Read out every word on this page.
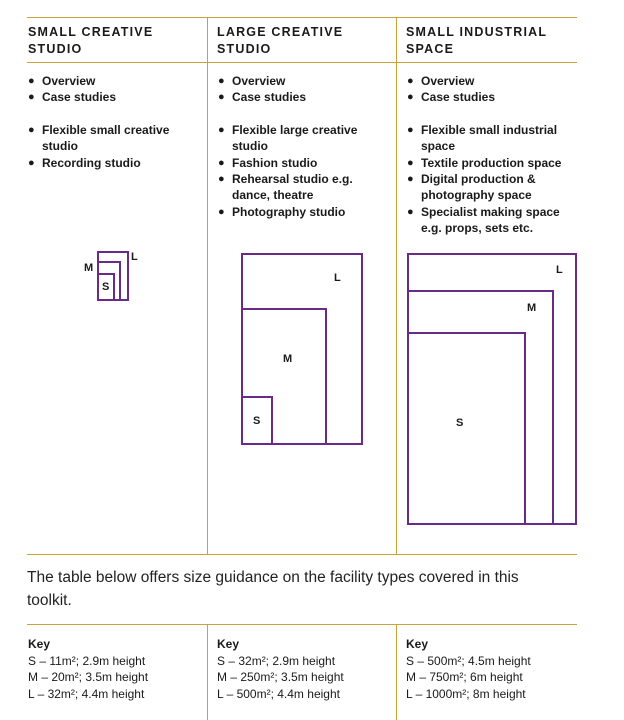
SMALL CREATIVE
STUDIO
● Overview
● Case studies
● Flexible small creative studio
● Recording studio
LARGE CREATIVE
STUDIO
● Overview
● Case studies
● Flexible large creative studio
● Fashion studio
● Rehearsal studio e.g. dance, theatre
● Photography studio
SMALL INDUSTRIAL
SPACE
● Overview
● Case studies
● Flexible small industrial space
● Textile production space
● Digital production & photography space
● Specialist making space e.g. props, sets etc.
L
M
S
L
M
S
L
M
S
The table below offers size guidance on the facility types covered in this toolkit.
Key
S – 11m²; 2.9m height
M – 20m²; 3.5m height
L – 32m²; 4.4m height
Key
S – 32m²; 2.9m height
M – 250m²; 3.5m height
L – 500m²; 4.4m height
Key
S – 500m²; 4.5m height
M – 750m²; 6m height
L – 1000m²; 8m height
